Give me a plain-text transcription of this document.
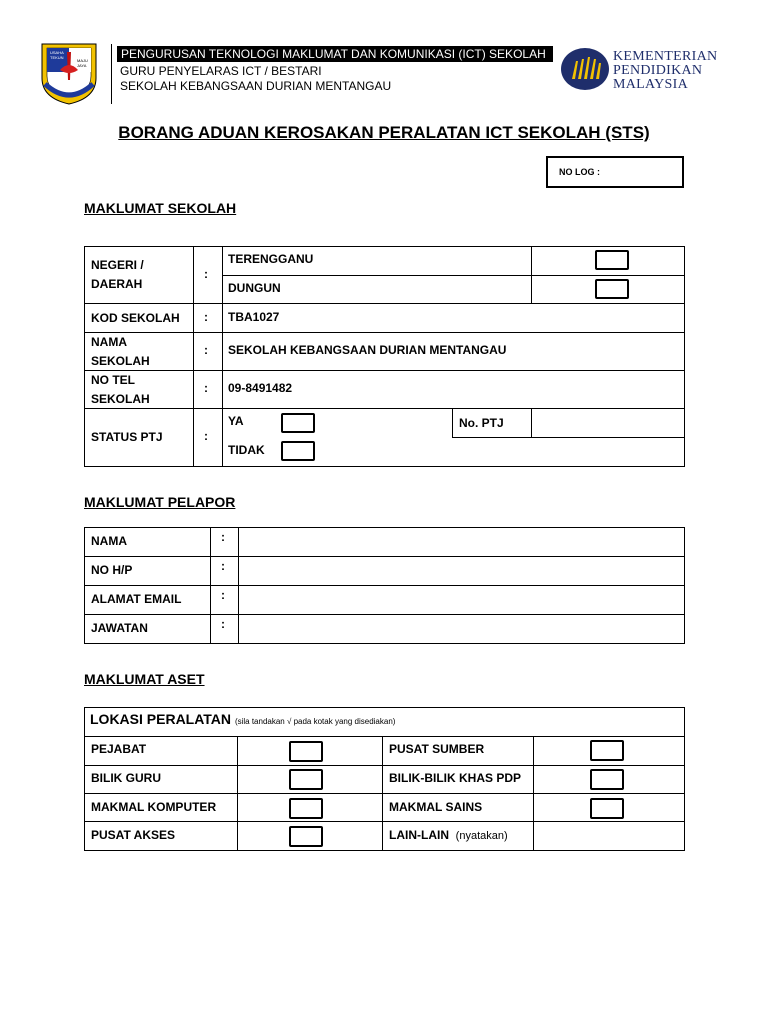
USAHA
TEKUN
MAJU
JAYA
PENGURUSAN TEKNOLOGI MAKLUMAT DAN KOMUNIKASI (ICT) SEKOLAH
GURU PENYELARAS ICT / BESTARI
SEKOLAH KEBANGSAAN DURIAN MENTANGAU
KEMENTERIAN
PENDIDIKAN
MALAYSIA
BORANG ADUAN KEROSAKAN PERALATAN ICT SEKOLAH (STS)
NO LOG :
MAKLUMAT SEKOLAH
NEGERI /
DAERAH
:
TERENGGANU
DUNGUN
KOD SEKOLAH : TBA1027
NAMA
SEKOLAH
: SEKOLAH KEBANGSAAN DURIAN MENTANGAU
NO TEL
SEKOLAH
: 09-8491482
STATUS PTJ	:
YA
TIDAK
No. PTJ
MAKLUMAT PELAPOR
NAMA
NO H/P
ALAMAT EMAIL
JAWATAN
:
:
:
:
MAKLUMAT ASET
LOKASI PERALATAN (sila tandakan √ pada kotak yang disediakan)
PEJABAT
BILIK GURU
MAKMAL KOMPUTER
PUSAT AKSES
PUSAT SUMBER
BILIK-BILIK KHAS PDP
MAKMAL SAINS
LAIN-LAIN (nyatakan)
